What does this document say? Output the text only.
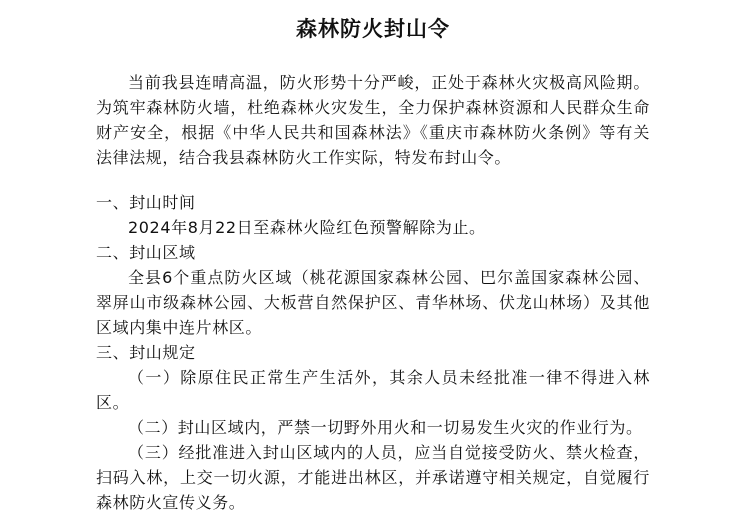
森林防火封山令

当前我县连晴高温，防火形势十分严峻，正处于森林火灾极高风险期。为筑牢森林防火墙，杜绝森林火灾发生，全力保护森林资源和人民群众生命财产安全，根据《中华人民共和国森林法》《重庆市森林防火条例》等有关法律法规，结合我县森林防火工作实际，特发布封山令。

一、封山时间

2024年8月22日至森林火险红色预警解除为止。

二、封山区域

全县6个重点防火区域（桃花源国家森林公园、巴尔盖国家森林公园、翠屏山市级森林公园、大板营自然保护区、青华林场、伏龙山林场）及其他区域内集中连片林区。

三、封山规定

（一）除原住民正常生产生活外，其余人员未经批准一律不得进入林区。

（二）封山区域内，严禁一切野外用火和一切易发生火灾的作业行为。

（三）经批准进入封山区域内的人员，应当自觉接受防火、禁火检查，扫码入林，上交一切火源，才能进出林区，并承诺遵守相关规定，自觉履行森林防火宣传义务。
